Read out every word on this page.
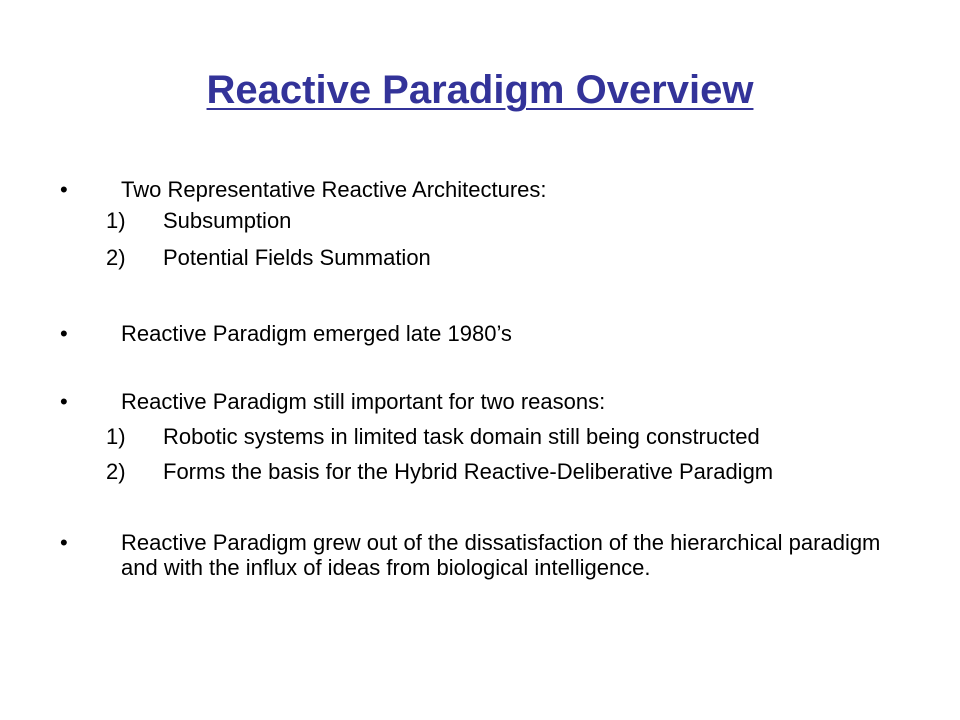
Reactive Paradigm Overview
•	Two Representative Reactive Architectures:
1)	Subsumption
2)	Potential Fields Summation
•	Reactive Paradigm emerged late 1980’s
•	Reactive Paradigm still important for two reasons:
1)	Robotic systems in limited task domain still being constructed
2)	Forms the basis for the Hybrid Reactive-Deliberative Paradigm
•	Reactive Paradigm grew out of the dissatisfaction of the hierarchical paradigm and with the influx of ideas from biological intelligence.
